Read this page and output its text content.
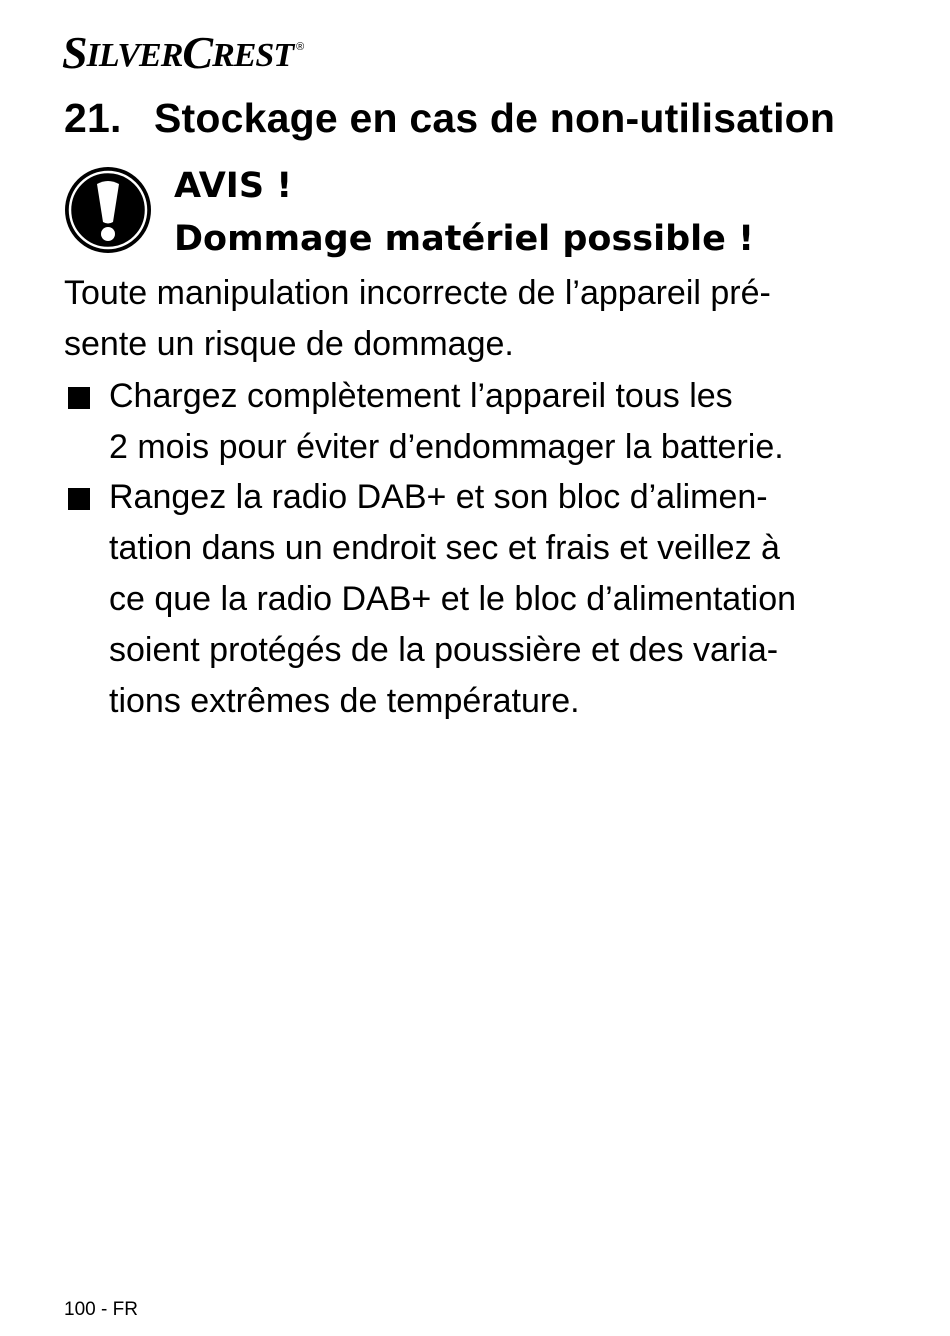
S ILVER C REST ®
21. Stockage en cas de non-utilisation
AVIS !
Dommage matériel possible !
Toute manipulation incorrecte de l’appareil pré-
sente un risque de dommage.
Chargez complètement l’appareil tous les
2 mois pour éviter d’endommager la batterie.
Rangez la radio DAB+ et son bloc d’alimen-
tation dans un endroit sec et frais et veillez à
ce que la radio DAB+ et le bloc d’alimentation
soient protégés de la poussière et des varia-
tions extrêmes de température.
100 - FR
